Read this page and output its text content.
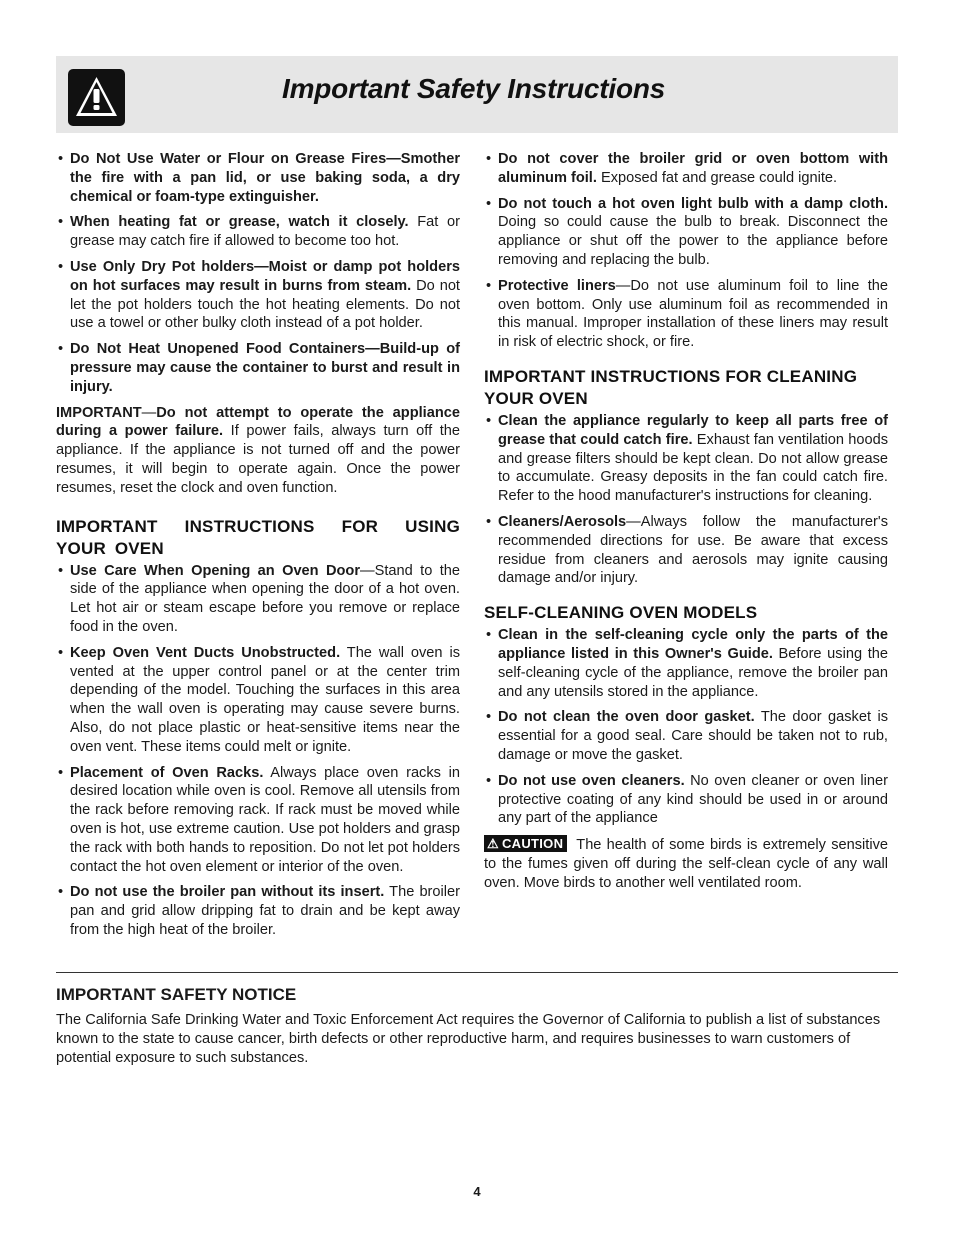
Important Safety Instructions

• Do Not Use Water or Flour on Grease Fires—Smother the fire with a pan lid, or use baking soda, a dry chemical or foam-type extinguisher.

• When heating fat or grease, watch it closely. Fat or grease may catch fire if allowed to become too hot.

• Use Only Dry Pot holders—Moist or damp pot holders on hot surfaces may result in burns from steam. Do not let the pot holders touch the hot heating elements. Do not use a towel or other bulky cloth instead of a pot holder.

• Do Not Heat Unopened Food Containers—Build-up of pressure may cause the container to burst and result in injury.

IMPORTANT—Do not attempt to operate the appliance during a power failure. If power fails, always turn off the appliance. If the appliance is not turned off and the power resumes, it will begin to operate again. Once the power resumes, reset the clock and oven function.

IMPORTANT INSTRUCTIONS FOR USING YOUR OVEN

• Use Care When Opening an Oven Door—Stand to the side of the appliance when opening the door of a hot oven. Let hot air or steam escape before you remove or replace food in the oven.

• Keep Oven Vent Ducts Unobstructed. The wall oven is vented at the upper control panel or at the center trim depending of the model. Touching the surfaces in this area when the wall oven is operating may cause severe burns. Also, do not place plastic or heat-sensitive items near the oven vent. These items could melt or ignite.

• Placement of Oven Racks. Always place oven racks in desired location while oven is cool. Remove all utensils from the rack before removing rack. If rack must be moved while oven is hot, use extreme caution. Use pot holders and grasp the rack with both hands to reposition. Do not let pot holders contact the hot oven element or interior of the oven.

• Do not use the broiler pan without its insert. The broiler pan and grid allow dripping fat to drain and be kept away from the high heat of the broiler.

• Do not cover the broiler grid or oven bottom with aluminum foil. Exposed fat and grease could ignite.

• Do not touch a hot oven light bulb with a damp cloth. Doing so could cause the bulb to break. Disconnect the appliance or shut off the power to the appliance before removing and replacing the bulb.

• Protective liners—Do not use aluminum foil to line the oven bottom. Only use aluminum foil as recommended in this manual. Improper installation of these liners may result in risk of electric shock, or fire.

IMPORTANT INSTRUCTIONS FOR CLEANING YOUR OVEN

• Clean the appliance regularly to keep all parts free of grease that could catch fire. Exhaust fan ventilation hoods and grease filters should be kept clean. Do not allow grease to accumulate. Greasy deposits in the fan could catch fire. Refer to the hood manufacturer's instructions for cleaning.

• Cleaners/Aerosols—Always follow the manufacturer's recommended directions for use. Be aware that excess residue from cleaners and aerosols may ignite causing damage and/or injury.

SELF-CLEANING OVEN MODELS

• Clean in the self-cleaning cycle only the parts of the appliance listed in this Owner's Guide. Before using the self-cleaning cycle of the appliance, remove the broiler pan and any utensils stored in the appliance.

• Do not clean the oven door gasket. The door gasket is essential for a good seal. Care should be taken not to rub, damage or move the gasket.

• Do not use oven cleaners. No oven cleaner or oven liner protective coating of any kind should be used in or around any part of the appliance

⚠ CAUTION The health of some birds is extremely sensitive to the fumes given off during the self-clean cycle of any wall oven. Move birds to another well ventilated room.

IMPORTANT SAFETY NOTICE

The California Safe Drinking Water and Toxic Enforcement Act requires the Governor of California to publish a list of substances known to the state to cause cancer, birth defects or other reproductive harm, and requires businesses to warn customers of potential exposure to such substances.

4
